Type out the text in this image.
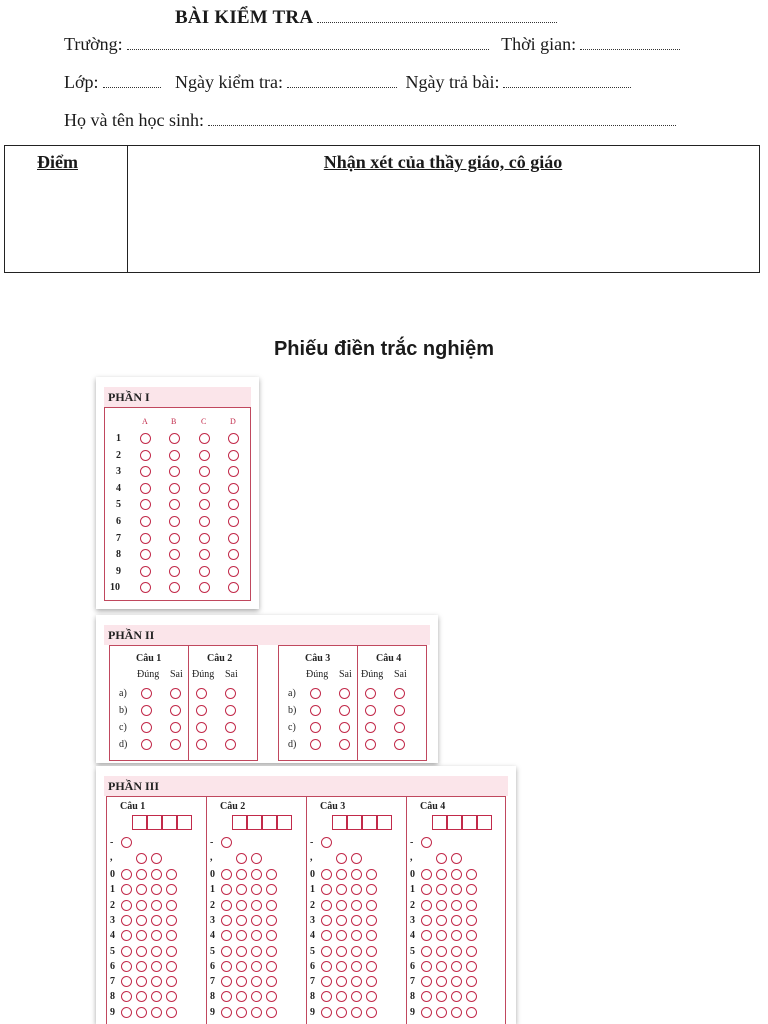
BÀI KIỂM TRA
Trường:	Thời gian:
Lớp:	Ngày kiểm tra:	Ngày trả bài:
Họ và tên học sinh:
Điểm	Nhận xét của thầy giáo, cô giáo
Phiếu điền trắc nghiệm
PHẦN I
A	B	C	D
1
2
3
4
5
6
7
8
9
10
PHẦN II
Câu 1
Đúng Sai
a)
b)
c)
d)
Câu 2
Đúng Sai
Câu 3
Đúng Sai
a)
b)
c)
d)
Câu 4
Đúng Sai
PHẦN III
Câu 1
-
,
0
1
2
3
4
5
6
7
8
9
Câu 2
-
,
0
1
2
3
4
5
6
7
8
9
Câu 3
-
,
0
1
2
3
4
5
6
7
8
9
Câu 4
-
,
0
1
2
3
4
5
6
7
8
9
